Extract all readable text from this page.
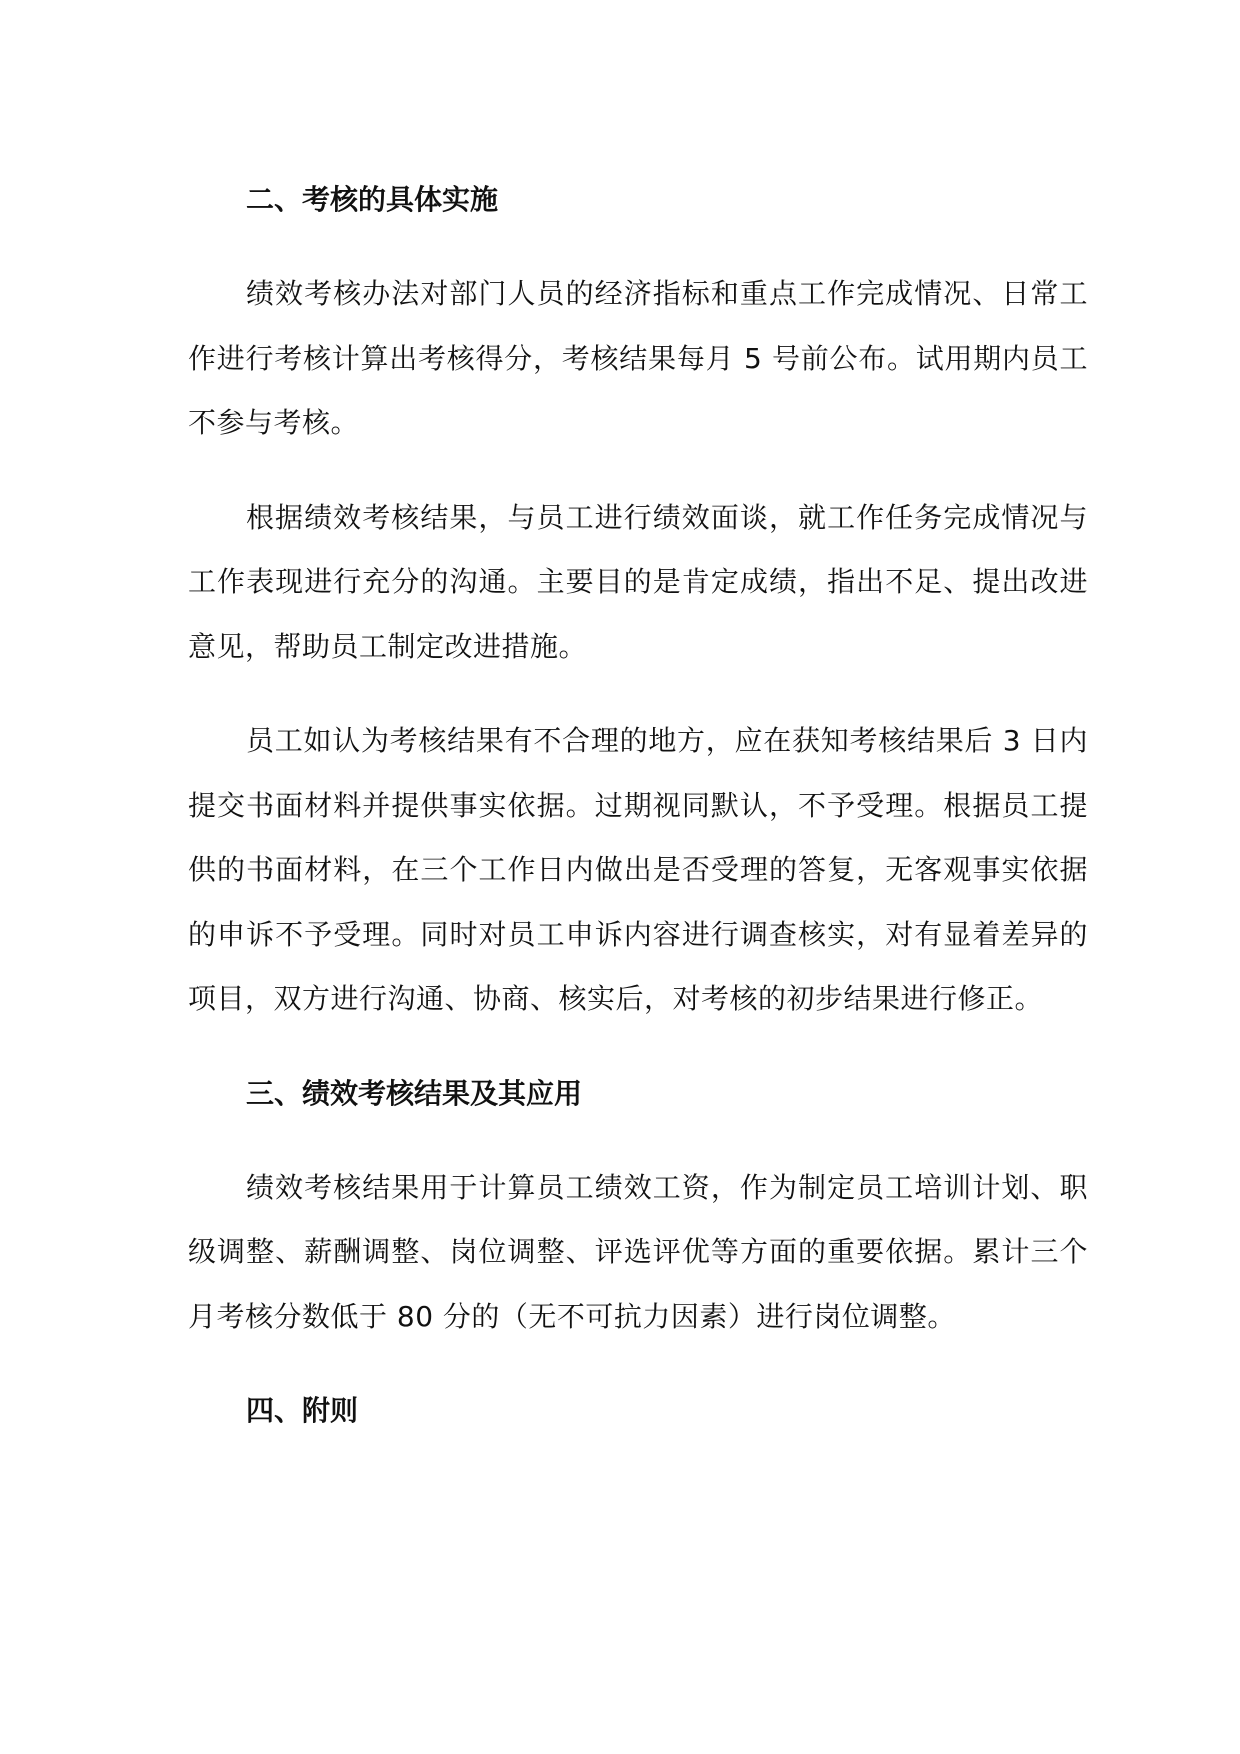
二、考核的具体实施

绩效考核办法对部门人员的经济指标和重点工作完成情况、日常工作进行考核计算出考核得分，考核结果每月 5 号前公布。试用期内员工不参与考核。

根据绩效考核结果，与员工进行绩效面谈，就工作任务完成情况与工作表现进行充分的沟通。主要目的是肯定成绩，指出不足、提出改进意见，帮助员工制定改进措施。

员工如认为考核结果有不合理的地方，应在获知考核结果后 3 日内提交书面材料并提供事实依据。过期视同默认，不予受理。根据员工提供的书面材料，在三个工作日内做出是否受理的答复，无客观事实依据的申诉不予受理。同时对员工申诉内容进行调查核实，对有显着差异的项目，双方进行沟通、协商、核实后，对考核的初步结果进行修正。

三、绩效考核结果及其应用

绩效考核结果用于计算员工绩效工资，作为制定员工培训计划、职级调整、薪酬调整、岗位调整、评选评优等方面的重要依据。累计三个月考核分数低于 80 分的（无不可抗力因素）进行岗位调整。

四、附则
